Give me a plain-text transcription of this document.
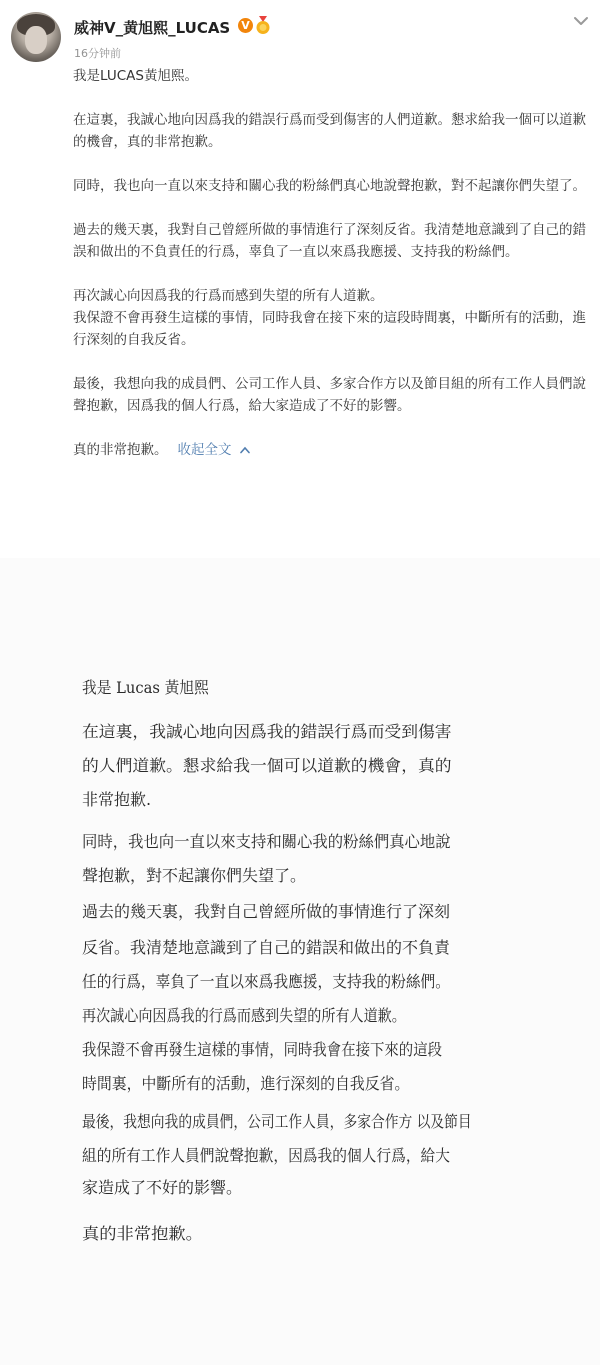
威神V_黄旭熙_LUCAS V
16分钟前

我是LUCAS黃旭熙。

在這裏，我誠心地向因爲我的錯誤行爲而受到傷害的人們道歉。懇求給我一個可以道歉的機會，真的非常抱歉。

同時，我也向一直以來支持和關心我的粉絲們真心地說聲抱歉，對不起讓你們失望了。

過去的幾天裏，我對自己曾經所做的事情進行了深刻反省。我清楚地意識到了自己的錯誤和做出的不負責任的行爲，辜負了一直以來爲我應援、支持我的粉絲們。

再次誠心向因爲我的行爲而感到失望的所有人道歉。

我保證不會再發生這樣的事情，同時我會在接下來的這段時間裏，中斷所有的活動，進行深刻的自我反省。

最後，我想向我的成員們、公司工作人員、多家合作方以及節目組的所有工作人員們說聲抱歉，因爲我的個人行爲，給大家造成了不好的影響。

真的非常抱歉。 收起全文

我是 Lucas 黃旭熙
在這裏，我誠心地向因爲我的錯誤行爲而受到傷害
的人們道歉。懇求給我一個可以道歉的機會，真的
非常抱歉.
同時，我也向一直以來支持和關心我的粉絲們真心地說
聲抱歉，對不起讓你們失望了。
過去的幾天裏，我對自己曾經所做的事情進行了深刻
反省。我清楚地意識到了自己的錯誤和做出的不負責
任的行爲，辜負了一直以來爲我應援，支持我的粉絲們。
再次誠心向因爲我的行爲而感到失望的所有人道歉。
我保證不會再發生這樣的事情，同時我會在接下來的這段
時間裏，中斷所有的活動，進行深刻的自我反省。
最後，我想向我的成員們，公司工作人員，多家合作方 以及節目
組的所有工作人員們說聲抱歉，因爲我的個人行爲，給大
家造成了不好的影響。
真的非常抱歉。
